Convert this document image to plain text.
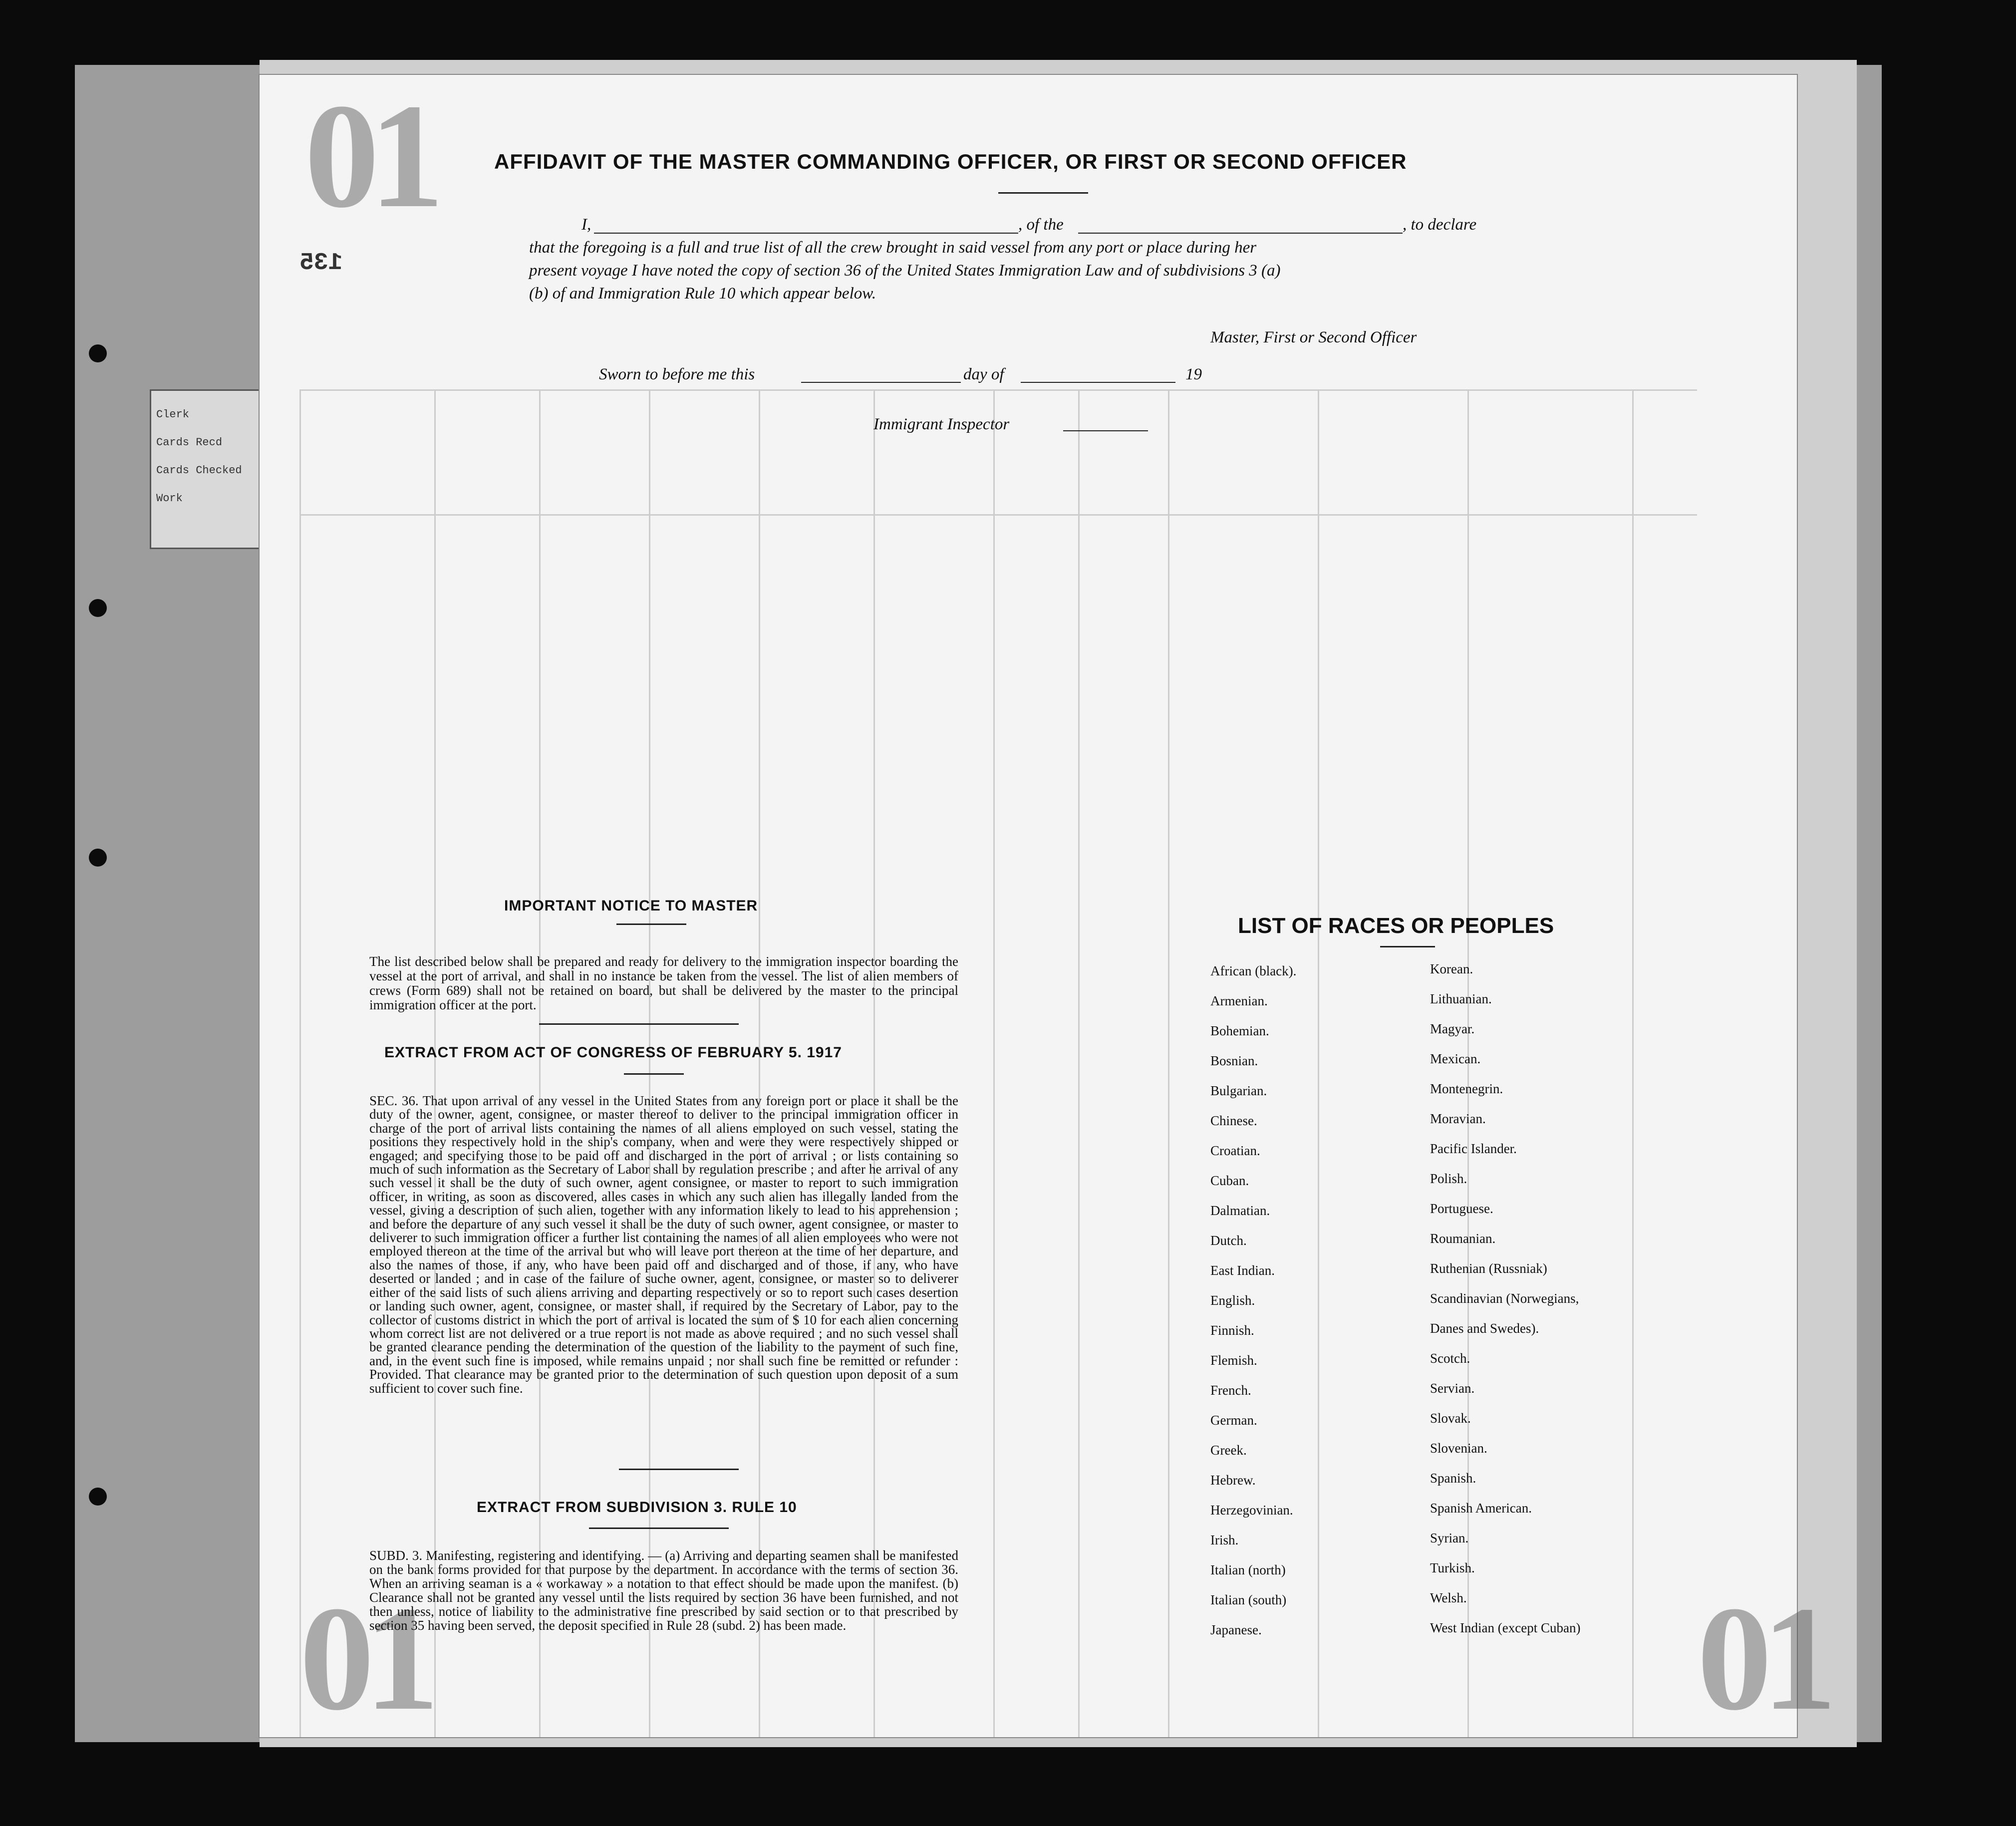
Clerk
Cards Recd
Cards Checked
Work
01
01	01
135
AFFIDAVIT OF THE MASTER COMMANDING OFFICER, OR FIRST OR SECOND OFFICER
I,	, of the	, to declare
that the foregoing is a full and true list of all the crew brought in said vessel from any port or place during her
present voyage I have noted the copy of section 36 of the United States Immigration Law and of subdivisions 3 (a)
(b) of and Immigration Rule 10 which appear below.
Master, First or Second Officer
Sworn to before me this	day of	19
Immigrant Inspector
IMPORTANT NOTICE TO MASTER
The list described below shall be prepared and ready for delivery to the immigration inspector boarding the vessel at the port of arrival, and shall in no instance be taken from the vessel. The list of alien members of crews (Form 689) shall not be retained on board, but shall be delivered by the master to the principal immigration officer at the port.
EXTRACT FROM ACT OF CONGRESS OF FEBRUARY 5. 1917
SEC. 36. That upon arrival of any vessel in the United States from any foreign port or place it shall be the duty of the owner, agent, consignee, or master thereof to deliver to the principal immigration officer in charge of the port of arrival lists containing the names of all aliens employed on such vessel, stating the positions they respectively hold in the ship's company, when and were they were respectively shipped or engaged; and specifying those to be paid off and discharged in the port of arrival ; or lists containing so much of such information as the Secretary of Labor shall by regulation prescribe ; and after he arrival of any such vessel it shall be the duty of such owner, agent consignee, or master to report to such immigration officer, in writing, as soon as discovered, alles cases in which any such alien has illegally landed from the vessel, giving a description of such alien, together with any information likely to lead to his apprehension ; and before the departure of any such vessel it shall be the duty of such owner, agent consignee, or master to deliverer to such immigration officer a further list containing the names of all alien employees who were not employed thereon at the time of the arrival but who will leave port thereon at the time of her departure, and also the names of those, if any, who have been paid off and discharged and of those, if any, who have deserted or landed ; and in case of the failure of suche owner, agent, consignee, or master so to deliverer either of the said lists of such aliens arriving and departing respectively or so to report such cases desertion or landing such owner, agent, consignee, or master shall, if required by the Secretary of Labor, pay to the collector of customs district in which the port of arrival is located the sum of $ 10 for each alien concerning whom correct list are not delivered or a true report is not made as above required ; and no such vessel shall be granted clearance pending the determination of the question of the liability to the payment of such fine, and, in the event such fine is imposed, while remains unpaid ; nor shall such fine be remitted or refunder : Provided. That clearance may be granted prior to the determination of such question upon deposit of a sum sufficient to cover such fine.
EXTRACT FROM SUBDIVISION 3. RULE 10
SUBD. 3. Manifesting, registering and identifying. — (a) Arriving and departing seamen shall be manifested on the bank forms provided for that purpose by the department. In accordance with the terms of section 36. When an arriving seaman is a « workaway » a notation to that effect should be made upon the manifest. (b) Clearance shall not be granted any vessel until the lists required by section 36 have been furnished, and not then unless, notice of liability to the administrative fine prescribed by said section or to that prescribed by section 35 having been served, the deposit specified in Rule 28 (subd. 2) has been made.
LIST OF RACES OR PEOPLES
African (black).
Armenian.
Bohemian.
Bosnian.
Bulgarian.
Chinese.
Croatian.
Cuban.
Dalmatian.
Dutch.
East Indian.
English.
Finnish.
Flemish.
French.
German.
Greek.
Hebrew.
Herzegovinian.
Irish.
Italian (north)
Italian (south)
Japanese.
Korean.
Lithuanian.
Magyar.
Mexican.
Montenegrin.
Moravian.
Pacific Islander.
Polish.
Portuguese.
Roumanian.
Ruthenian (Russniak)
Scandinavian (Norwegians,
Danes and Swedes).
Scotch.
Servian.
Slovak.
Slovenian.
Spanish.
Spanish American.
Syrian.
Turkish.
Welsh.
West Indian (except Cuban)
